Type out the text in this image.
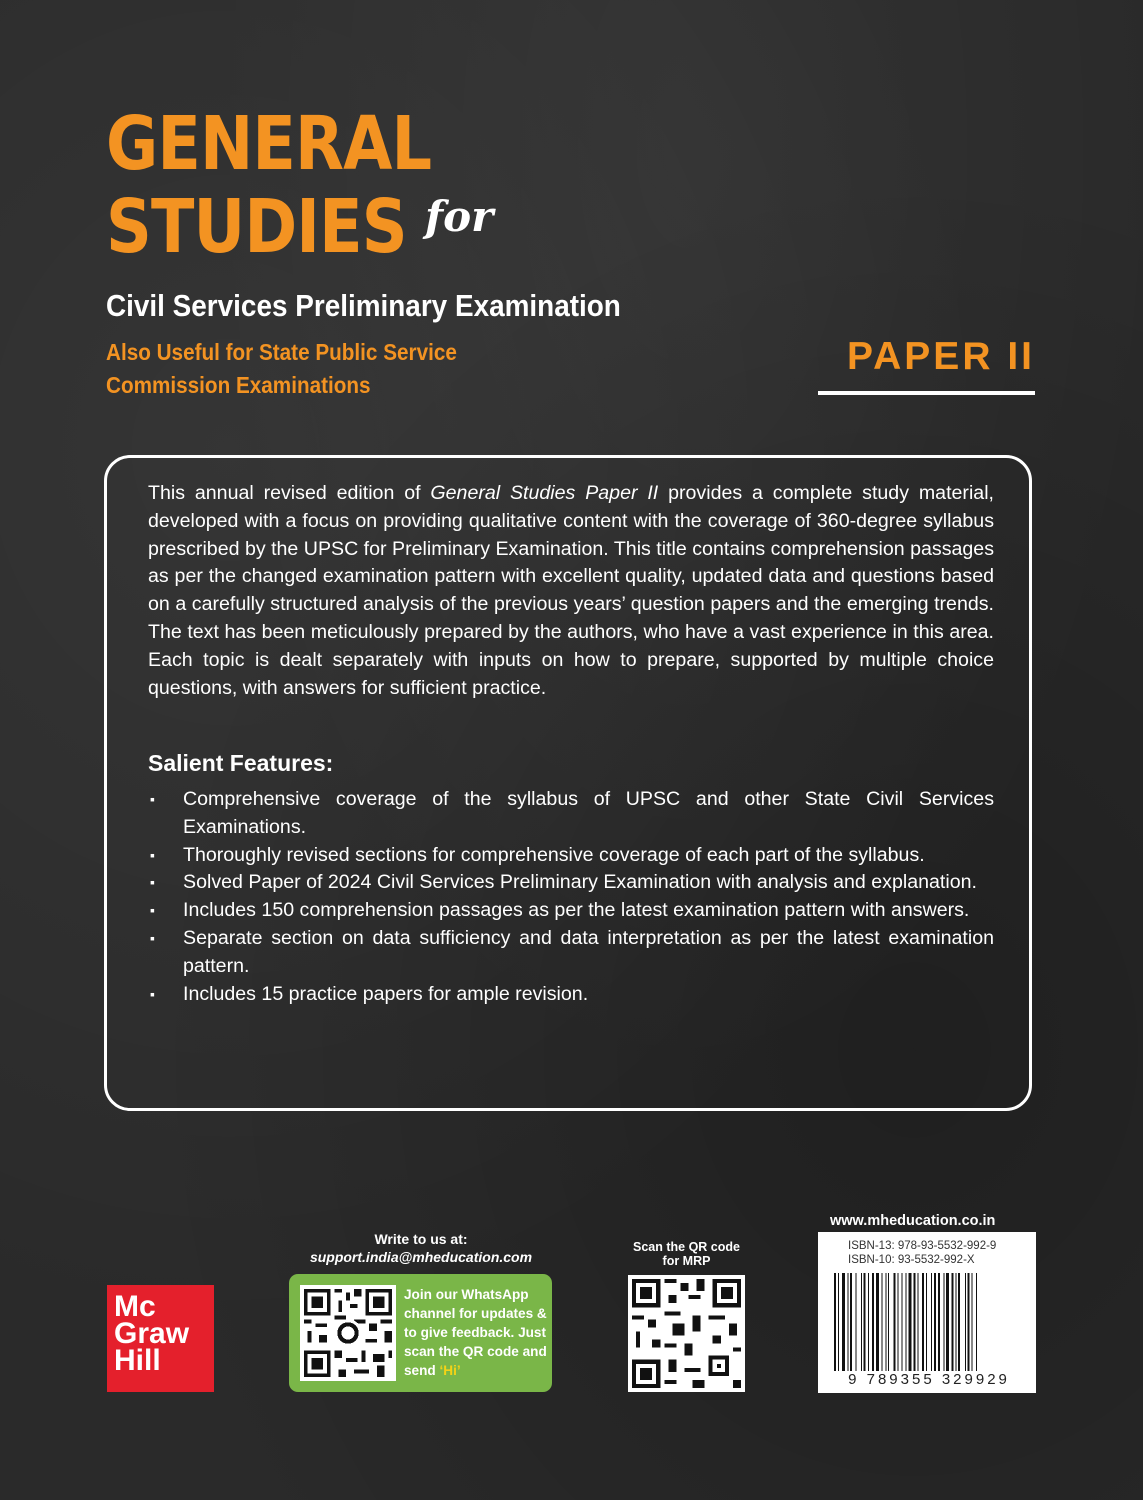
GENERAL
STUDIES for
Civil Services Preliminary Examination
Also Useful for State Public Service
Commission Examinations
PAPER II

This annual revised edition of General Studies Paper II provides a complete study material, developed with a focus on providing qualitative content with the coverage of 360-degree syllabus prescribed by the UPSC for Preliminary Examination. This title contains comprehension passages as per the changed examination pattern with excellent quality, updated data and questions based on a carefully structured analysis of the previous years’ question papers and the emerging trends. The text has been meticulously prepared by the authors, who have a vast experience in this area. Each topic is dealt separately with inputs on how to prepare, supported by multiple choice questions, with answers for sufficient practice.

Salient Features:
▪ Comprehensive coverage of the syllabus of UPSC and other State Civil Services Examinations.
▪ Thoroughly revised sections for comprehensive coverage of each part of the syllabus.
▪ Solved Paper of 2024 Civil Services Preliminary Examination with analysis and explanation.
▪ Includes 150 comprehension passages as per the latest examination pattern with answers.
▪ Separate section on data sufficiency and data interpretation as per the latest examination pattern.
▪ Includes 15 practice papers for ample revision.
Mc
Graw
Hill
Write to us at:
support.india@mheducation.com
Join our WhatsApp channel for updates & to give feedback. Just scan the QR code and send ‘Hi’
Scan the QR code
for MRP
www.mheducation.co.in
ISBN-13: 978-93-5532-992-9
ISBN-10: 93-5532-992-X
9 789355 329929
